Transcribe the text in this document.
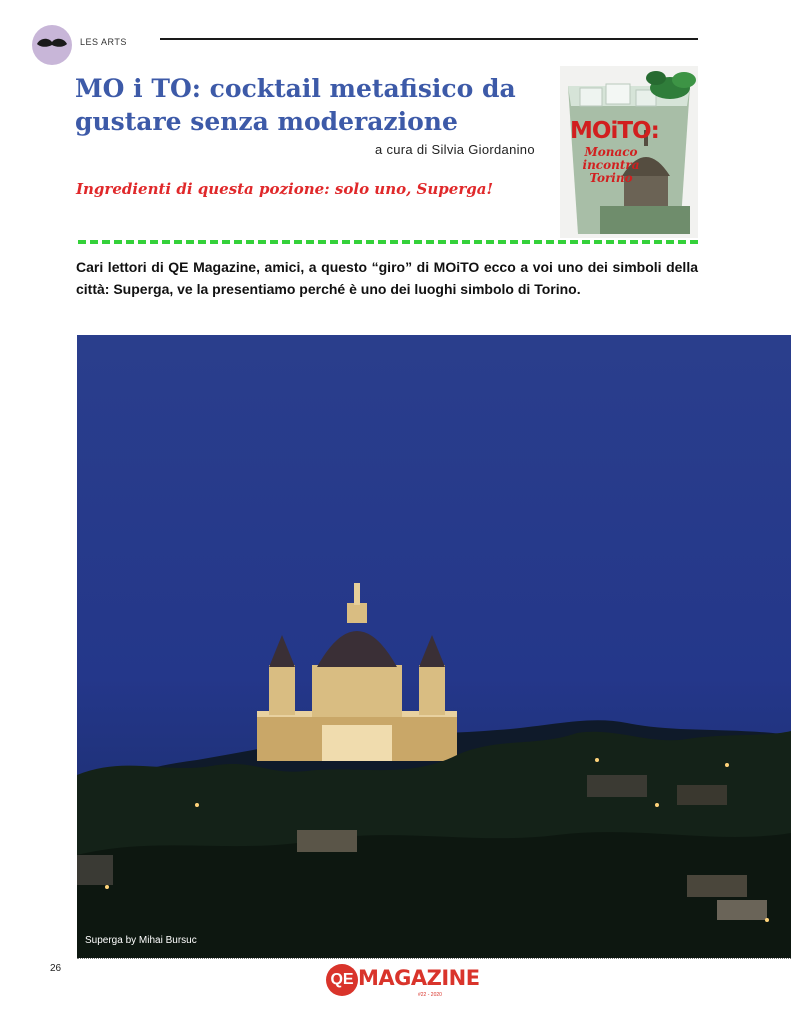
LES ARTS
MO i TO: cocktail metafisico da gustare senza moderazione
a cura di Silvia Giordanino
Ingredienti di questa pozione: solo uno, Superga!
MOiTO:
Monaco incontra Torino
Cari lettori di QE Magazine, amici, a questo “giro” di MOiTO ecco a voi uno dei simboli della città: Superga, ve la presentiamo perché è uno dei luoghi simbolo di Torino.
Superga by Mihai Bursuc
26
QE MAGAZINE
#22 - 2020
